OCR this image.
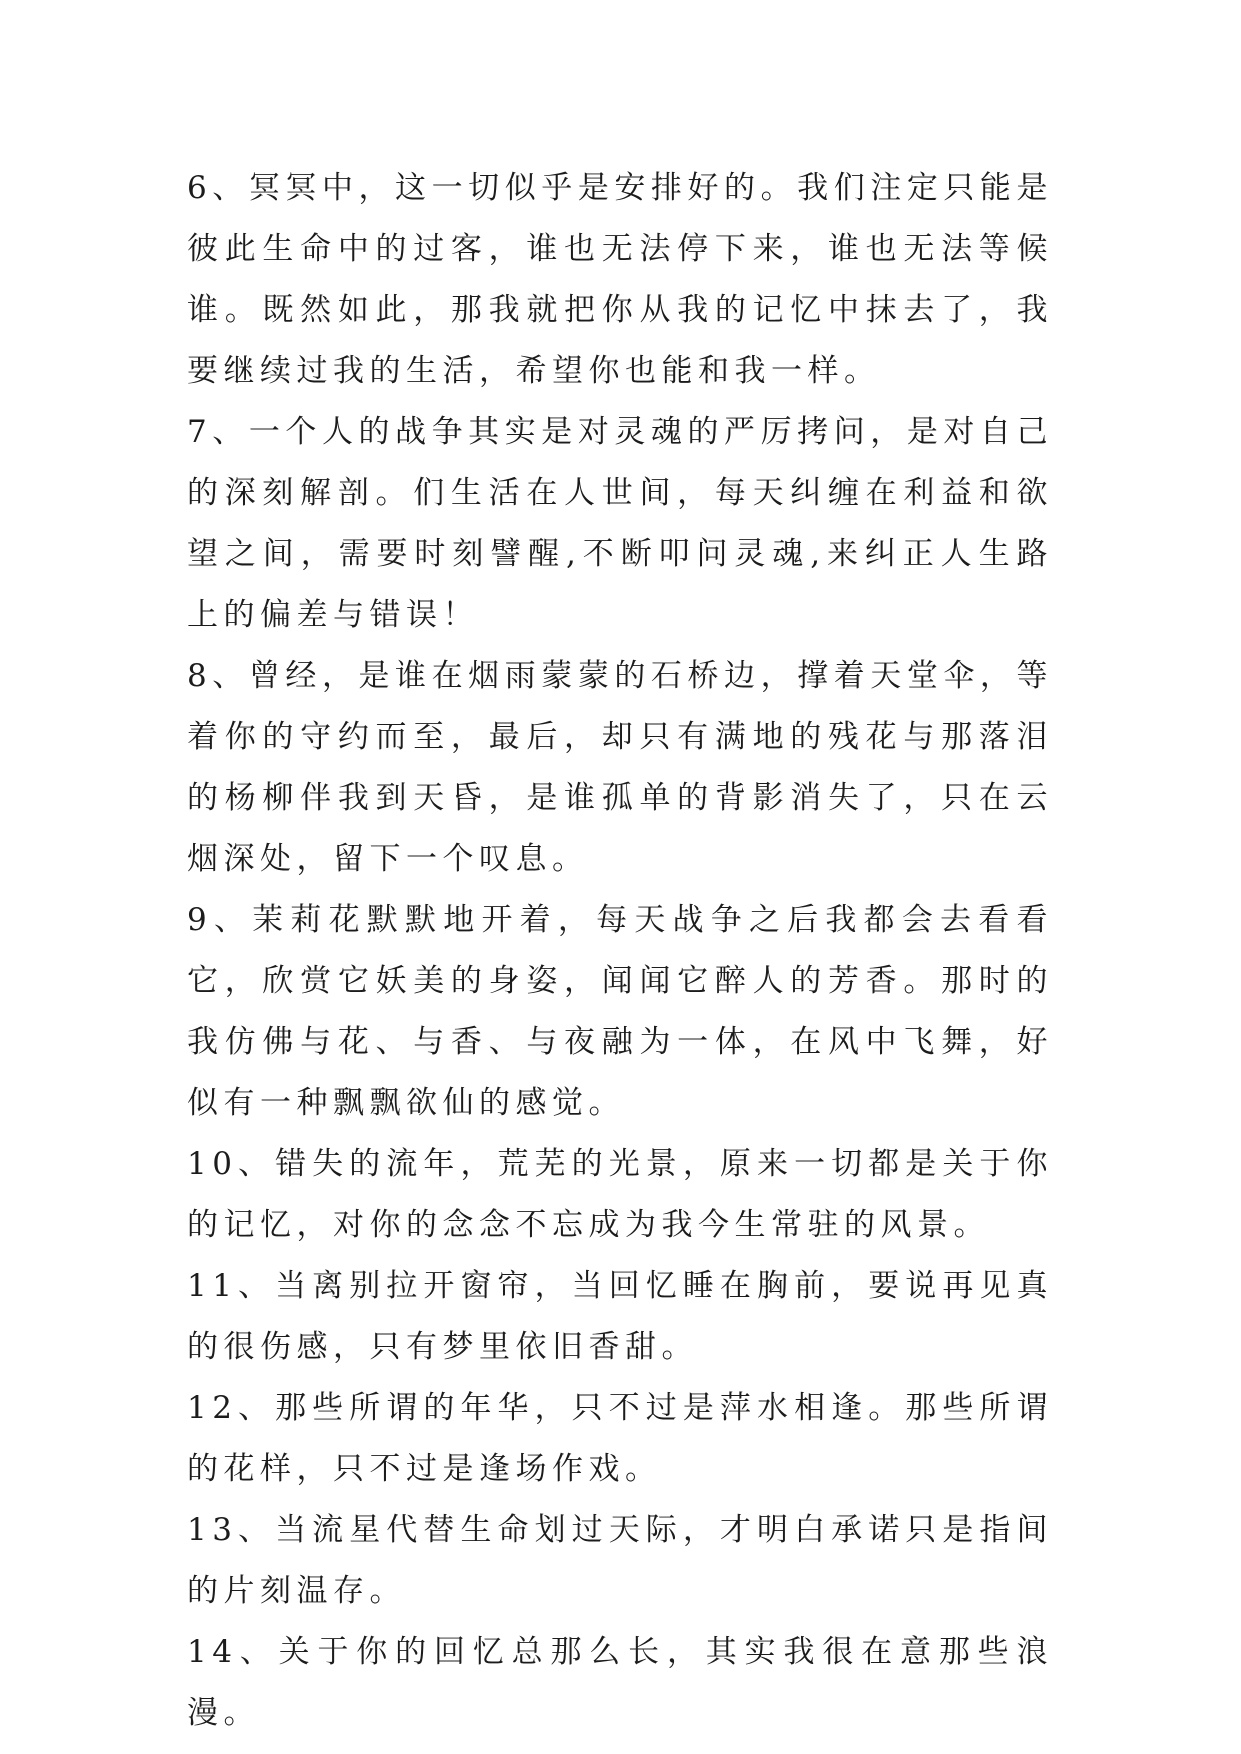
6、冥冥中，这一切似乎是安排好的。我们注定只能是彼此生命中的过客，谁也无法停下来，谁也无法等候谁。既然如此，那我就把你从我的记忆中抹去了，我要继续过我的生活，希望你也能和我一样。

7、一个人的战争其实是对灵魂的严厉拷问，是对自己的深刻解剖。们生活在人世间，每天纠缠在利益和欲望之间，需要时刻譬醒,不断叩问灵魂,来纠正人生路上的偏差与错误！

8、曾经，是谁在烟雨蒙蒙的石桥边，撑着天堂伞，等着你的守约而至，最后，却只有满地的残花与那落泪的杨柳伴我到天昏，是谁孤单的背影消失了，只在云烟深处，留下一个叹息。

9、茉莉花默默地开着，每天战争之后我都会去看看它，欣赏它妖美的身姿，闻闻它醉人的芳香。那时的我仿佛与花、与香、与夜融为一体，在风中飞舞，好似有一种飘飘欲仙的感觉。

10、错失的流年，荒芜的光景，原来一切都是关于你的记忆，对你的念念不忘成为我今生常驻的风景。

11、当离别拉开窗帘，当回忆睡在胸前，要说再见真的很伤感，只有梦里依旧香甜。

12、那些所谓的年华，只不过是萍水相逢。那些所谓的花样，只不过是逢场作戏。

13、当流星代替生命划过天际，才明白承诺只是指间的片刻温存。

14、关于你的回忆总那么长，其实我很在意那些浪漫。
